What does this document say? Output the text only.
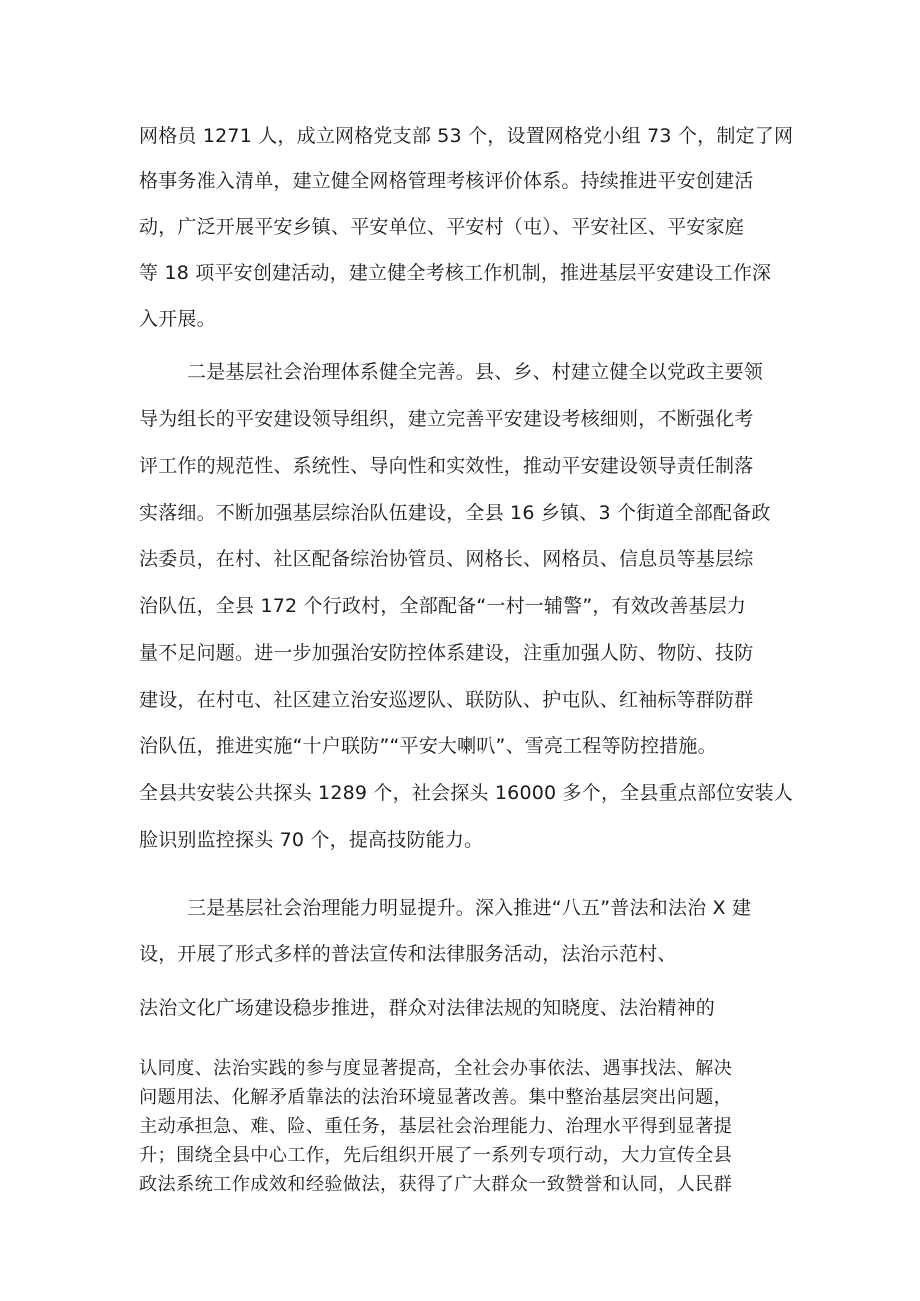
网格员 1271 人，成立网格党支部 53 个，设置网格党小组 73 个，制定了网
格事务准入清单，建立健全网格管理考核评价体系。持续推进平安创建活
动，广泛开展平安乡镇、平安单位、平安村（屯）、平安社区、平安家庭
等 18 项平安创建活动，建立健全考核工作机制，推进基层平安建设工作深
入开展。
二是基层社会治理体系健全完善。县、乡、村建立健全以党政主要领
导为组长的平安建设领导组织，建立完善平安建设考核细则，不断强化考
评工作的规范性、系统性、导向性和实效性，推动平安建设领导责任制落
实落细。不断加强基层综治队伍建设，全县 16 乡镇、3 个街道全部配备政
法委员，在村、社区配备综治协管员、网格长、网格员、信息员等基层综
治队伍，全县 172 个行政村，全部配备“一村一辅警”，有效改善基层力
量不足问题。进一步加强治安防控体系建设，注重加强人防、物防、技防
建设，在村屯、社区建立治安巡逻队、联防队、护屯队、红袖标等群防群
治队伍，推进实施“十户联防”“平安大喇叭”、雪亮工程等防控措施。
全县共安装公共探头 1289 个，社会探头 16000 多个，全县重点部位安装人
脸识别监控探头 70 个，提高技防能力。
三是基层社会治理能力明显提升。深入推进“八五”普法和法治 X 建
设，开展了形式多样的普法宣传和法律服务活动，法治示范村、
法治文化广场建设稳步推进，群众对法律法规的知晓度、法治精神的
认同度、法治实践的参与度显著提高，全社会办事依法、遇事找法、解决
问题用法、化解矛盾靠法的法治环境显著改善。集中整治基层突出问题，
主动承担急、难、险、重任务，基层社会治理能力、治理水平得到显著提
升；围绕全县中心工作，先后组织开展了一系列专项行动，大力宣传全县
政法系统工作成效和经验做法，获得了广大群众一致赞誉和认同，人民群
